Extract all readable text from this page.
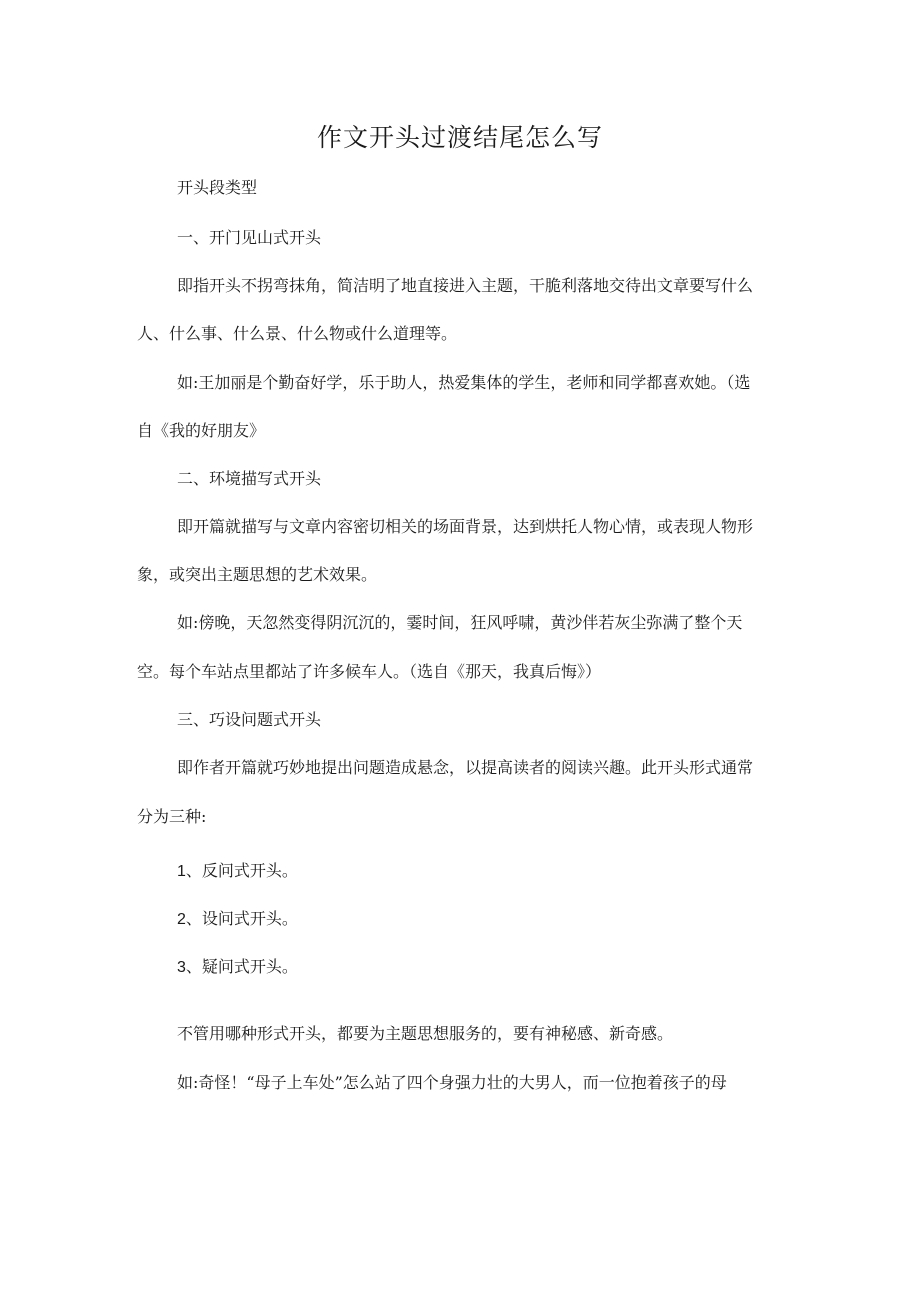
作文开头过渡结尾怎么写

开头段类型

一、开门见山式开头

即指开头不拐弯抹角，简洁明了地直接进入主题，干脆利落地交待出文章要写什么

人、什么事、什么景、什么物或什么道理等。

如:王加丽是个勤奋好学，乐于助人，热爱集体的学生，老师和同学都喜欢她。（选

自《我的好朋友》

二、环境描写式开头

即开篇就描写与文章内容密切相关的场面背景，达到烘托人物心情，或表现人物形

象，或突出主题思想的艺术效果。

如:傍晚，天忽然变得阴沉沉的，霎时间，狂风呼啸，黄沙伴若灰尘弥满了整个天

空。每个车站点里都站了许多候车人。（选自《那天，我真后悔》）

三、巧设问题式开头

即作者开篇就巧妙地提出问题造成悬念，以提高读者的阅读兴趣。此开头形式通常

分为三种:

1、反问式开头。

2、设问式开头。

3、疑问式开头。

不管用哪种形式开头，都要为主题思想服务的，要有神秘感、新奇感。

如:奇怪！“母子上车处”怎么站了四个身强力壮的大男人，而一位抱着孩子的母
